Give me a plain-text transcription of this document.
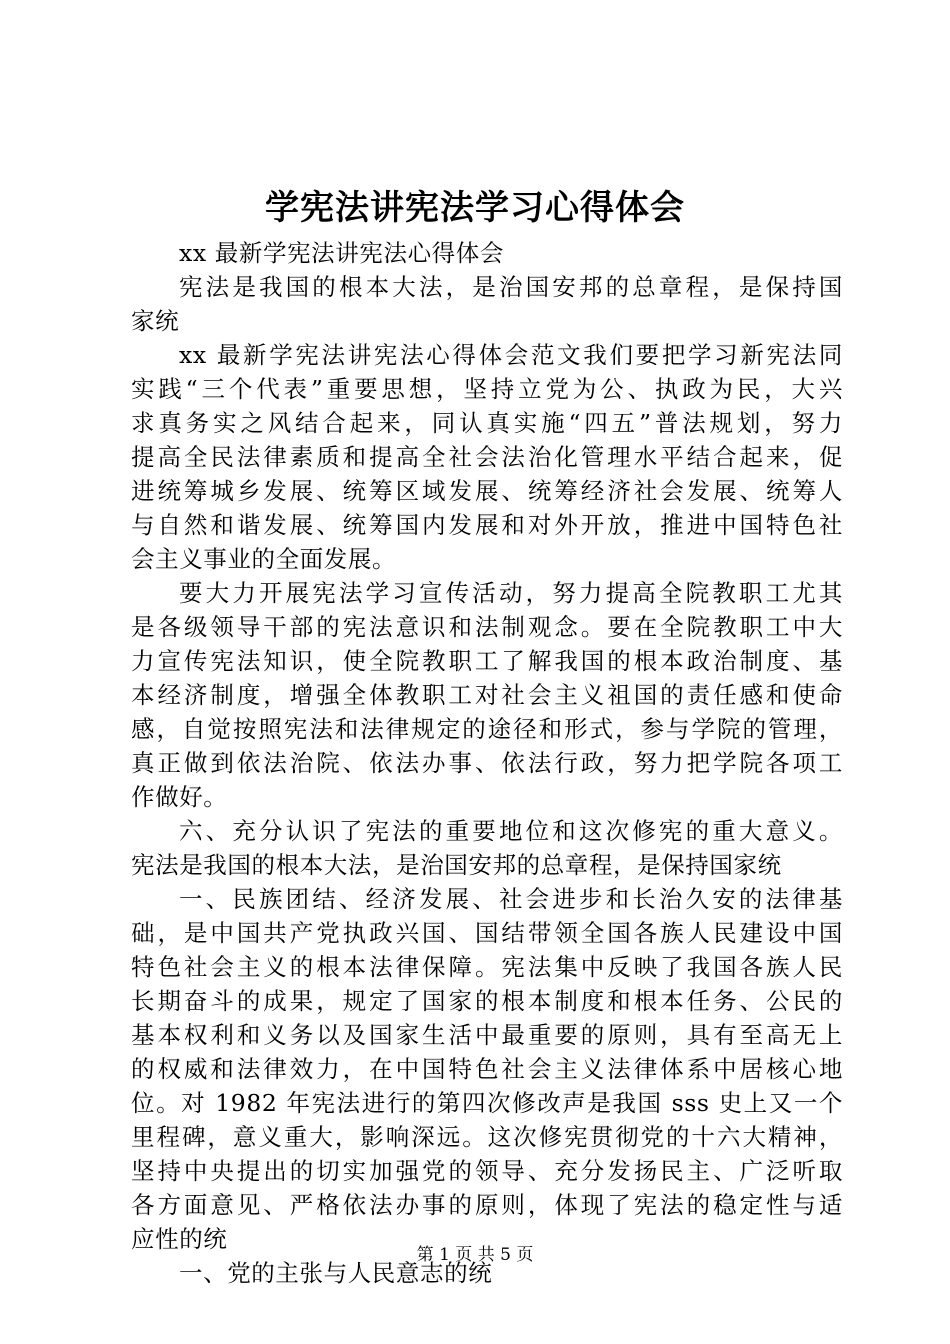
学宪法讲宪法学习心得体会
xx 最新学宪法讲宪法心得体会
宪法是我国的根本大法，是治国安邦的总章程，是保持国
家统
xx 最新学宪法讲宪法心得体会范文我们要把学习新宪法同
实践“三个代表”重要思想，坚持立党为公、执政为民，大兴
求真务实之风结合起来，同认真实施“四五”普法规划，努力
提高全民法律素质和提高全社会法治化管理水平结合起来，促
进统筹城乡发展、统筹区域发展、统筹经济社会发展、统筹人
与自然和谐发展、统筹国内发展和对外开放，推进中国特色社
会主义事业的全面发展。
要大力开展宪法学习宣传活动，努力提高全院教职工尤其
是各级领导干部的宪法意识和法制观念。要在全院教职工中大
力宣传宪法知识，使全院教职工了解我国的根本政治制度、基
本经济制度，增强全体教职工对社会主义祖国的责任感和使命
感，自觉按照宪法和法律规定的途径和形式，参与学院的管理，
真正做到依法治院、依法办事、依法行政，努力把学院各项工
作做好。
六、充分认识了宪法的重要地位和这次修宪的重大意义。
宪法是我国的根本大法，是治国安邦的总章程，是保持国家统
一、民族团结、经济发展、社会进步和长治久安的法律基
础，是中国共产党执政兴国、国结带领全国各族人民建设中国
特色社会主义的根本法律保障。宪法集中反映了我国各族人民
长期奋斗的成果，规定了国家的根本制度和根本任务、公民的
基本权利和义务以及国家生活中最重要的原则，具有至高无上
的权威和法律效力，在中国特色社会主义法律体系中居核心地
位。对 1982 年宪法进行的第四次修改声是我国 sss 史上又一个
里程碑，意义重大，影响深远。这次修宪贯彻党的十六大精神，
坚持中央提出的切实加强党的领导、充分发扬民主、广泛听取
各方面意见、严格依法办事的原则，体现了宪法的稳定性与适
应性的统
一、党的主张与人民意志的统
第 1 页 共 5 页
